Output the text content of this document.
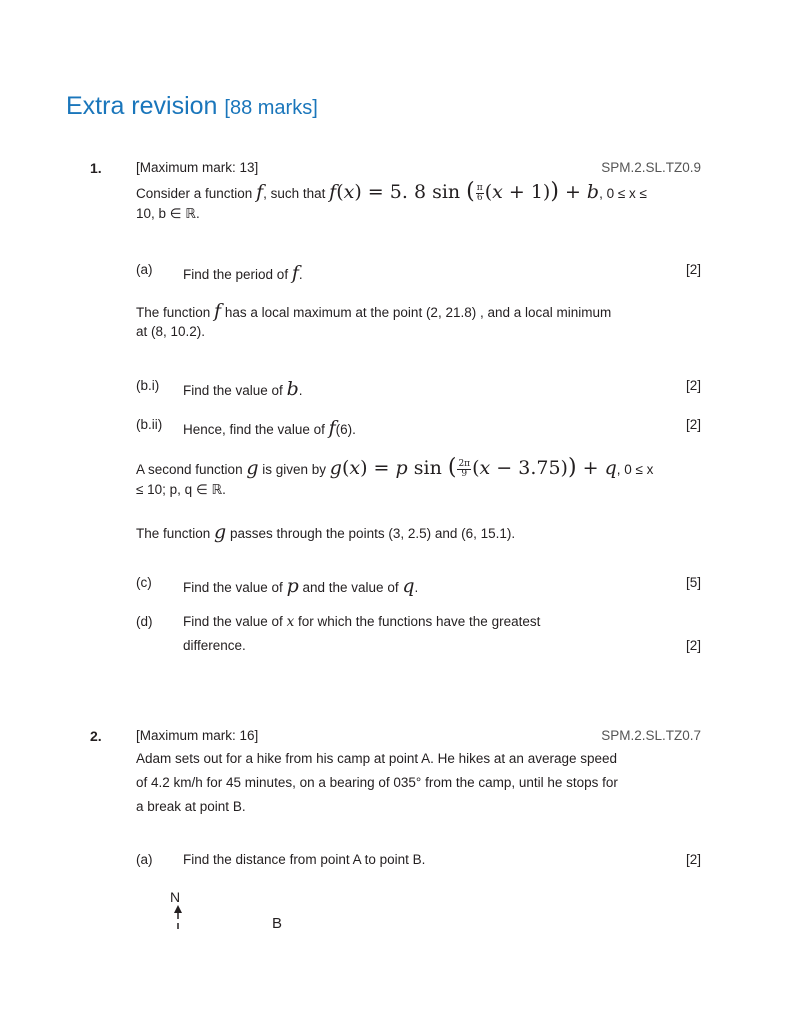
Extra revision [88 marks]
1.	[Maximum mark: 13]	SPM.2.SL.TZ0.9
Consider a function f, such that f(x) = 5. 8 sin ( $\frac{\pi}{6} (x + 1)) + b$, 0 ≤ x ≤
10, b ∈ ℝ.
(a) Find the period of f.	[2]
The function f has a local maximum at the point (2, 21.8) , and a local minimum
at (8, 10.2).
(b.i) Find the value of b.	[2]
(b.ii) Hence, find the value of f(6).	[2]
A second function g is given by g(x) = p sin ( $\frac{2\pi}{9} (x - 3.75)) + q$, 0 ≤ x
≤ 10; p, q ∈ ℝ.
The function g passes through the points (3, 2.5) and (6, 15.1).
(c) Find the value of p and the value of q.	[5]
(d) Find the value of x for which the functions have the greatest
difference.	[2]
2.	[Maximum mark: 16]	SPM.2.SL.TZ0.7
Adam sets out for a hike from his camp at point A. He hikes at an average speed
of 4.2 km/h for 45 minutes, on a bearing of 035° from the camp, until he stops for
a break at point B.
(a) Find the distance from point A to point B.	[2]
N
B
